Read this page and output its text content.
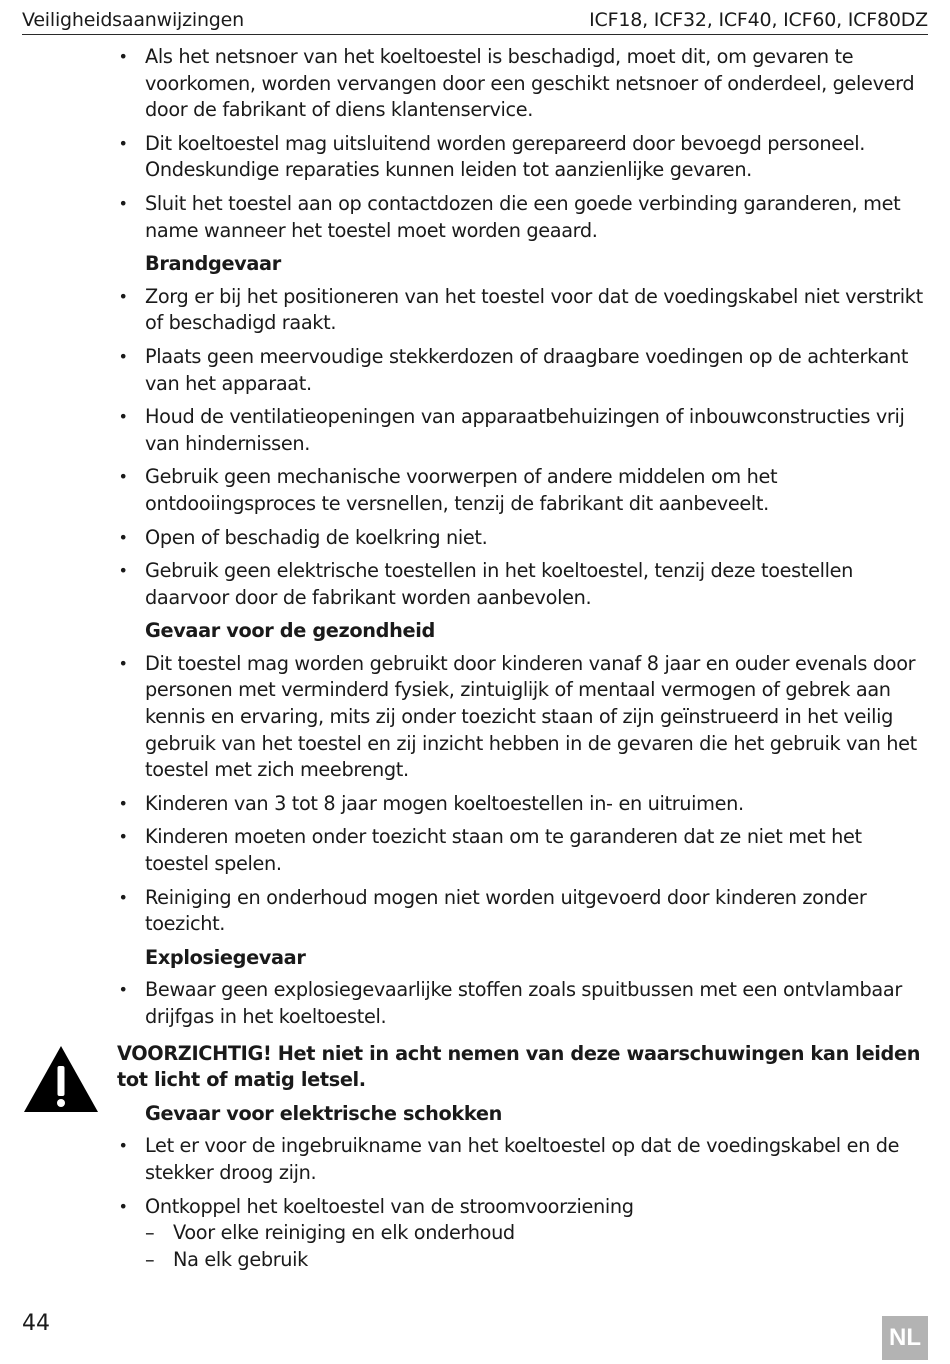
Veiligheidsaanwijzingen	ICF18, ICF32, ICF40, ICF60, ICF80DZ
• Als het netsnoer van het koeltoestel is beschadigd, moet dit, om gevaren te voorkomen, worden vervangen door een geschikt netsnoer of onderdeel, geleverd door de fabrikant of diens klantenservice.
• Dit koeltoestel mag uitsluitend worden gerepareerd door bevoegd personeel. Ondeskundige reparaties kunnen leiden tot aanzienlijke gevaren.
• Sluit het toestel aan op contactdozen die een goede verbinding garanderen, met name wanneer het toestel moet worden geaard.
Brandgevaar
• Zorg er bij het positioneren van het toestel voor dat de voedingskabel niet verstrikt of beschadigd raakt.
• Plaats geen meervoudige stekkerdozen of draagbare voedingen op de achterkant van het apparaat.
• Houd de ventilatieopeningen van apparaatbehuizingen of inbouwconstructies vrij van hindernissen.
• Gebruik geen mechanische voorwerpen of andere middelen om het ontdooiingsproces te versnellen, tenzij de fabrikant dit aanbeveelt.
• Open of beschadig de koelkring niet.
• Gebruik geen elektrische toestellen in het koeltoestel, tenzij deze toestellen daarvoor door de fabrikant worden aanbevolen.
Gevaar voor de gezondheid
• Dit toestel mag worden gebruikt door kinderen vanaf 8 jaar en ouder evenals door personen met verminderd fysiek, zintuiglijk of mentaal vermogen of gebrek aan kennis en ervaring, mits zij onder toezicht staan of zijn geïnstrueerd in het veilig gebruik van het toestel en zij inzicht hebben in de gevaren die het gebruik van het toestel met zich meebrengt.
• Kinderen van 3 tot 8 jaar mogen koeltoestellen in- en uitruimen.
• Kinderen moeten onder toezicht staan om te garanderen dat ze niet met het toestel spelen.
• Reiniging en onderhoud mogen niet worden uitgevoerd door kinderen zonder toezicht.
Explosiegevaar
• Bewaar geen explosiegevaarlijke stoffen zoals spuitbussen met een ontvlambaar drijfgas in het koeltoestel.
VOORZICHTIG! Het niet in acht nemen van deze waarschuwingen kan leiden tot licht of matig letsel.
Gevaar voor elektrische schokken
• Let er voor de ingebruikname van het koeltoestel op dat de voedingskabel en de stekker droog zijn.
• Ontkoppel het koeltoestel van de stroomvoorziening
– Voor elke reiniging en elk onderhoud
– Na elk gebruik
44
NL
